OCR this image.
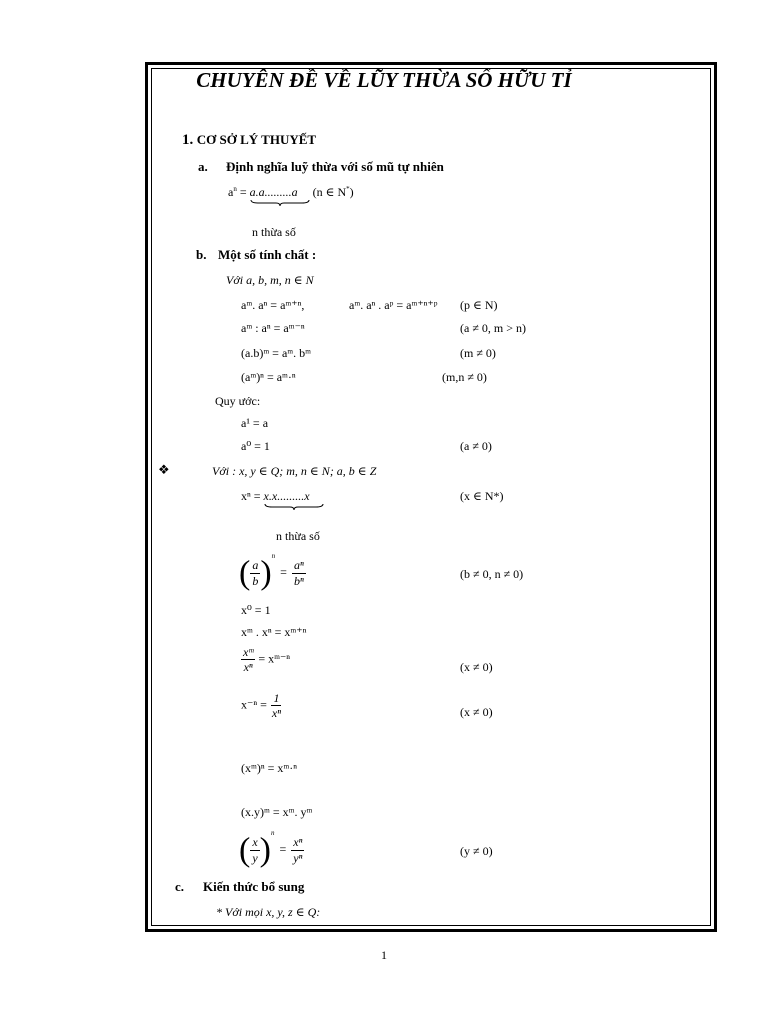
CHUYÊN ĐỀ VỀ LŨY THỪA SỐ HỮU TỈ
1. CƠ SỞ LÝ THUYẾT
a. Định nghĩa luỹ thừa với số mũ tự nhiên
$a^n = a.a.........a$ (n ∈ N*)
n thừa số
b. Một số tính chất :
Với a, b, m, n ∈ N
aᵐ. aⁿ = aᵐ⁺ⁿ,	aᵐ. aⁿ . aᵖ = aᵐ⁺ⁿ⁺ᵖ (p ∈ N)
aᵐ : aⁿ = aᵐ⁻ⁿ	(a ≠ 0, m > n)
(a.b)ᵐ = aᵐ. bᵐ	(m ≠ 0)
(aᵐ)ⁿ = aᵐ·ⁿ	(m,n ≠ 0)
Quy ước:
a¹ = a
a⁰ = 1	(a ≠ 0)
❖	Với : x, y ∈ Q; m, n ∈ N; a, b ∈ Z
xⁿ = x.x.........x	(x ∈ N*)
n thừa số
( $\frac{a}{b} )^n = \frac{\text{aⁿ}}{\text{bⁿ}}$	(b ≠ 0, n ≠ 0)
x⁰ = 1
xᵐ . xⁿ = xᵐ⁺ⁿ
$\frac{\text{xᵐ}}{\text{xⁿ}}$ = xᵐ⁻ⁿ
(x ≠ 0)
$x^{-n} = \frac{1}{\text{xⁿ}}$	(x ≠ 0)
(xᵐ)ⁿ = xᵐ·ⁿ
(x.y)ᵐ = xᵐ. yᵐ
( $\frac{x}{y} )^n = \frac{\text{xⁿ}}{\text{yⁿ}}$	(y ≠ 0)
c. Kiến thức bổ sung
* Với mọi x, y, z ∈ Q:
1
